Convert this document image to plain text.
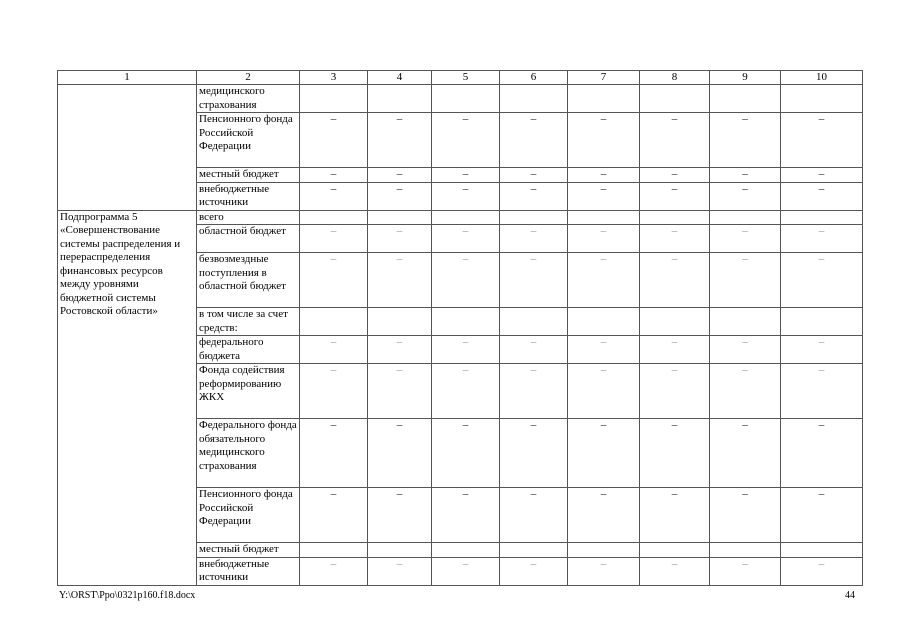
1	2	3	4	5	6	7	8	9	10
	медицинского страхования								
	Пенсионного фонда Российской Федерации	–	–	–	–	–	–	–	–
	местный бюджет	–	–	–	–	–	–	–	–
	внебюджетные источники	–	–	–	–	–	–	–	–
Подпрограмма 5 «Совершенствование системы распределения и перераспределения финансовых ресурсов между уровнями бюджетной системы Ростовской области»	всего								
	областной бюджет	–	–	–	–	–	–	–	–
	безвозмездные поступления в областной бюджет	–	–	–	–	–	–	–	–
	в том числе за счет средств:								
	федерального бюджета	–	–	–	–	–	–	–	–
	Фонда содействия реформированию ЖКХ	–	–	–	–	–	–	–	–
	Федерального фонда обязательного медицинского страхования	–	–	–	–	–	–	–	–
	Пенсионного фонда Российской Федерации	–	–	–	–	–	–	–	–
	местный бюджет								
	внебюджетные источники	–	–	–	–	–	–	–	–
Y:\ORST\Ppo\0321p160.f18.docx	44
